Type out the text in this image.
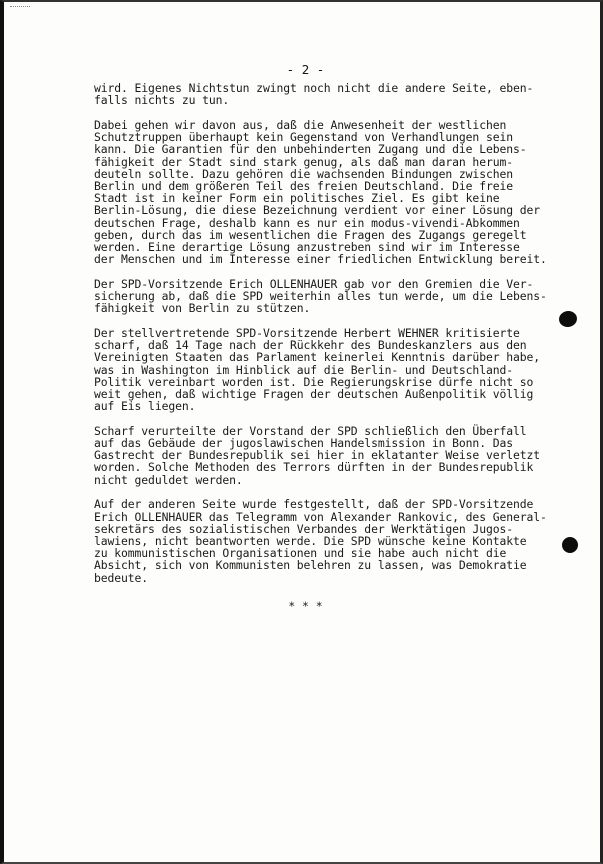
- 2 -
wird. Eigenes Nichtstun zwingt noch nicht die andere Seite, eben-
falls nichts zu tun.
Dabei gehen wir davon aus, daß die Anwesenheit der westlichen
Schutztruppen überhaupt kein Gegenstand von Verhandlungen sein
kann. Die Garantien für den unbehinderten Zugang und die Lebens-
fähigkeit der Stadt sind stark genug, als daß man daran herum-
deuteln sollte. Dazu gehören die wachsenden Bindungen zwischen
Berlin und dem größeren Teil des freien Deutschland. Die freie
Stadt ist in keiner Form ein politisches Ziel. Es gibt keine
Berlin-Lösung, die diese Bezeichnung verdient vor einer Lösung der
deutschen Frage, deshalb kann es nur ein modus-vivendi-Abkommen
geben, durch das im wesentlichen die Fragen des Zugangs geregelt
werden. Eine derartige Lösung anzustreben sind wir im Interesse
der Menschen und im Interesse einer friedlichen Entwicklung bereit.
Der SPD-Vorsitzende Erich OLLENHAUER gab vor den Gremien die Ver-
sicherung ab, daß die SPD weiterhin alles tun werde, um die Lebens-
fähigkeit von Berlin zu stützen.
Der stellvertretende SPD-Vorsitzende Herbert WEHNER kritisierte
scharf, daß 14 Tage nach der Rückkehr des Bundeskanzlers aus den
Vereinigten Staaten das Parlament keinerlei Kenntnis darüber habe,
was in Washington im Hinblick auf die Berlin- und Deutschland-
Politik vereinbart worden ist. Die Regierungskrise dürfe nicht so
weit gehen, daß wichtige Fragen der deutschen Außenpolitik völlig
auf Eis liegen.
Scharf verurteilte der Vorstand der SPD schließlich den Überfall
auf das Gebäude der jugoslawischen Handelsmission in Bonn. Das
Gastrecht der Bundesrepublik sei hier in eklatanter Weise verletzt
worden. Solche Methoden des Terrors dürften in der Bundesrepublik
nicht geduldet werden.
Auf der anderen Seite wurde festgestellt, daß der SPD-Vorsitzende
Erich OLLENHAUER das Telegramm von Alexander Rankovic, des General-
sekretärs des sozialistischen Verbandes der Werktätigen Jugos-
lawiens, nicht beantworten werde. Die SPD wünsche keine Kontakte
zu kommunistischen Organisationen und sie habe auch nicht die
Absicht, sich von Kommunisten belehren zu lassen, was Demokratie
bedeute.
* * *
